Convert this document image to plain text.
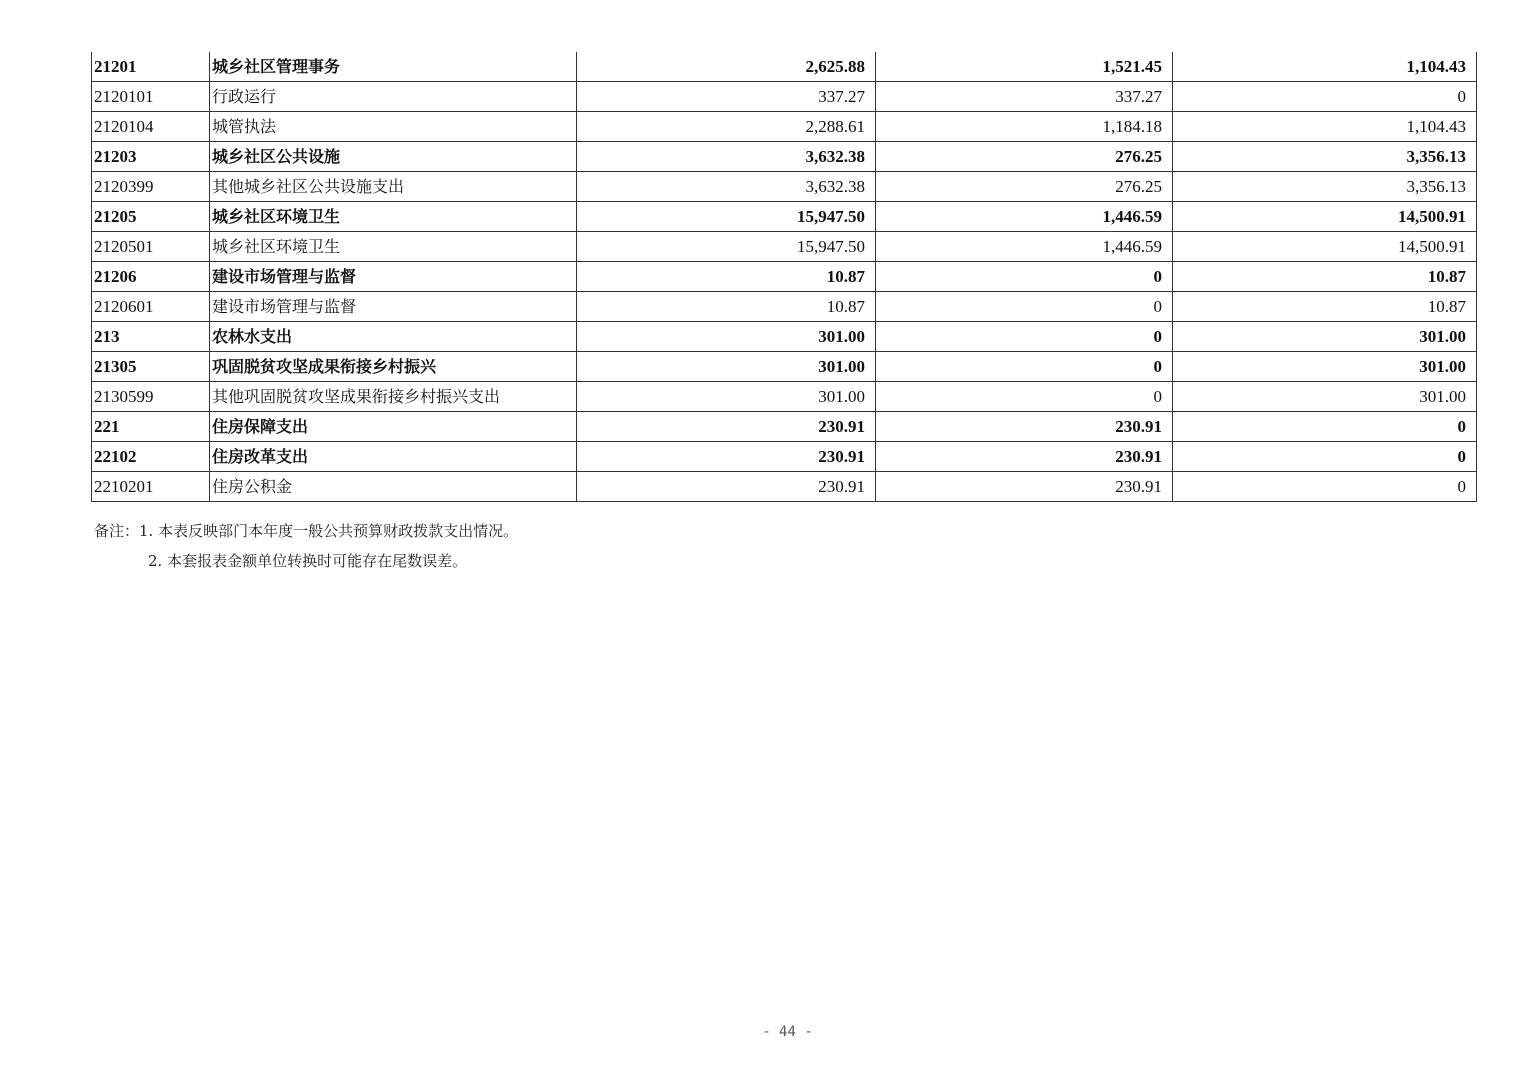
21201	城乡社区管理事务	2,625.88	1,521.45	1,104.43
2120101	行政运行	337.27	337.27	0
2120104	城管执法	2,288.61	1,184.18	1,104.43
21203	城乡社区公共设施	3,632.38	276.25	3,356.13
2120399	其他城乡社区公共设施支出	3,632.38	276.25	3,356.13
21205	城乡社区环境卫生	15,947.50	1,446.59	14,500.91
2120501	城乡社区环境卫生	15,947.50	1,446.59	14,500.91
21206	建设市场管理与监督	10.87	0	10.87
2120601	建设市场管理与监督	10.87	0	10.87
213	农林水支出	301.00	0	301.00
21305	巩固脱贫攻坚成果衔接乡村振兴	301.00	0	301.00
2130599	其他巩固脱贫攻坚成果衔接乡村振兴支出	301.00	0	301.00
221	住房保障支出	230.91	230.91	0
22102	住房改革支出	230.91	230.91	0
2210201	住房公积金	230.91	230.91	0
备注：1. 本表反映部门本年度一般公共预算财政拨款支出情况。
2. 本套报表金额单位转换时可能存在尾数误差。
- 44 -
